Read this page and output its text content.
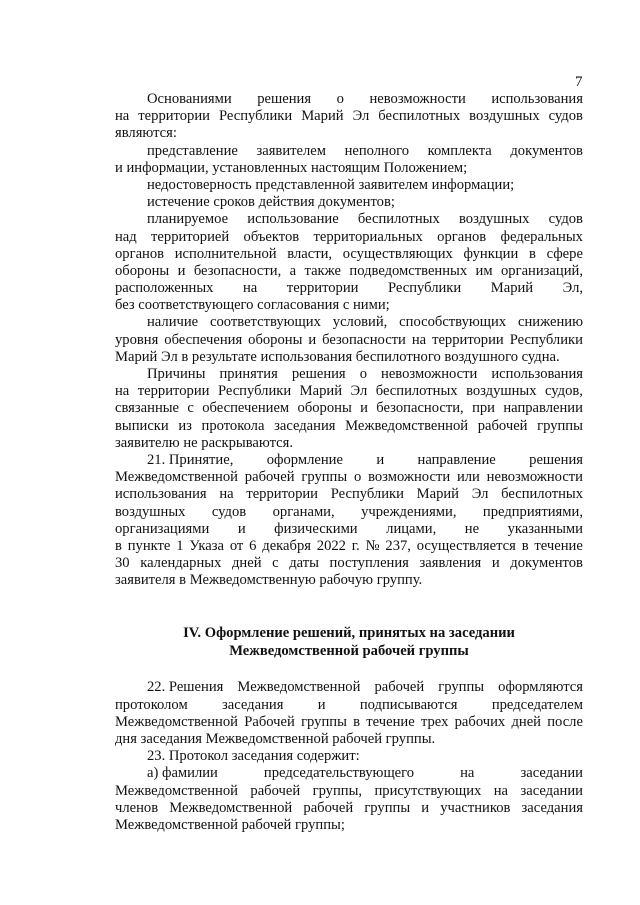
7
Основаниями решения о невозможности использования
на территории Республики Марий Эл беспилотных воздушных судов
являются:
представление заявителем неполного комплекта документов
и информации, установленных настоящим Положением;
недостоверность представленной заявителем информации;
истечение сроков действия документов;
планируемое использование беспилотных воздушных судов
над территорией объектов территориальных органов федеральных
органов исполнительной власти, осуществляющих функции в сфере
обороны и безопасности, а также подведомственных им организаций,
расположенных на территории Республики Марий Эл,
без соответствующего согласования с ними;
наличие соответствующих условий, способствующих снижению
уровня обеспечения обороны и безопасности на территории Республики
Марий Эл в результате использования беспилотного воздушного судна.
Причины принятия решения о невозможности использования
на территории Республики Марий Эл беспилотных воздушных судов,
связанные с обеспечением обороны и безопасности, при направлении
выписки из протокола заседания Межведомственной рабочей группы
заявителю не раскрываются.
21. Принятие, оформление и направление решения
Межведомственной рабочей группы о возможности или невозможности
использования на территории Республики Марий Эл беспилотных
воздушных судов органами, учреждениями, предприятиями,
организациями и физическими лицами, не указанными
в пункте 1 Указа от 6 декабря 2022 г. № 237, осуществляется в течение
30 календарных дней с даты поступления заявления и документов
заявителя в Межведомственную рабочую группу.
IV. Оформление решений, принятых на заседании
Межведомственной рабочей группы
22. Решения Межведомственной рабочей группы оформляются
протоколом заседания и подписываются председателем
Межведомственной Рабочей группы в течение трех рабочих дней после
дня заседания Межведомственной рабочей группы.
23. Протокол заседания содержит:
а) фамилии	председательствующего	на	заседании
Межведомственной рабочей группы, присутствующих на заседании
членов Межведомственной рабочей группы и участников заседания
Межведомственной рабочей группы;
